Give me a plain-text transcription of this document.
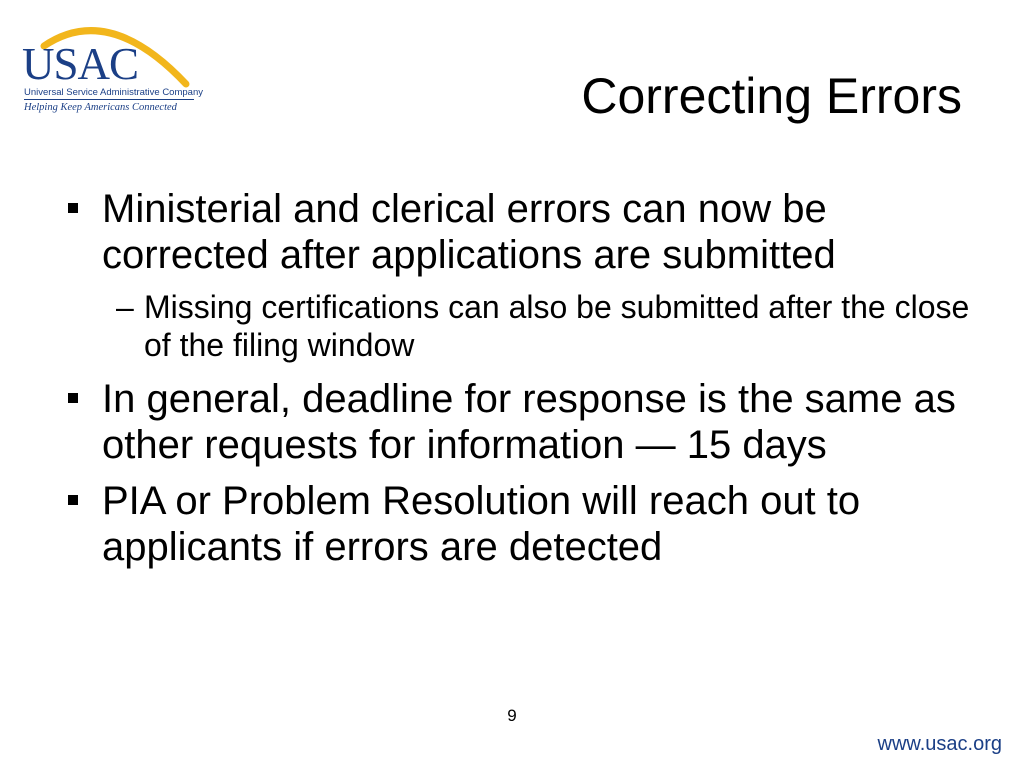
USAC
Universal Service Administrative Company
Helping Keep Americans Connected	Correcting Errors
Ministerial and clerical errors can now be corrected after applications are submitted
– Missing certifications can also be submitted after the close of the filing window
In general, deadline for response is the same as other requests for information — 15 days
PIA or Problem Resolution will reach out to applicants if errors are detected
9
www.usac.org
